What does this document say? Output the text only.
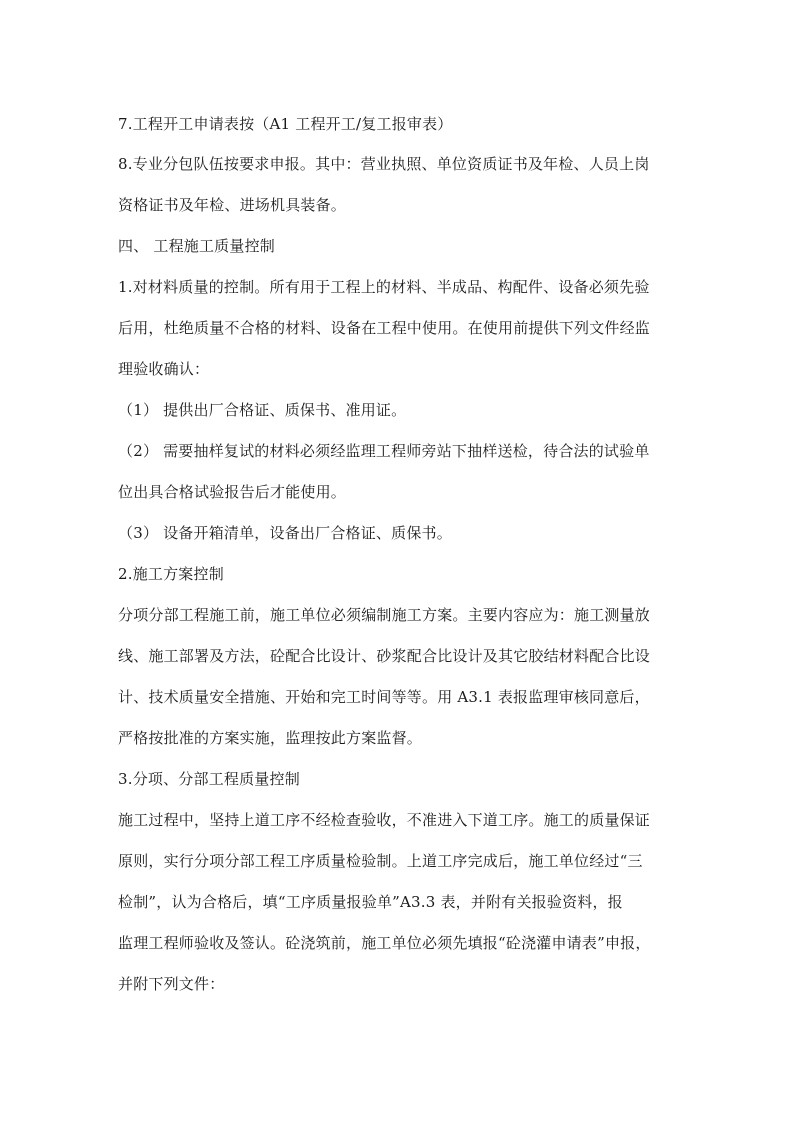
7.工程开工申请表按（A1 工程开工/复工报审表）
8.专业分包队伍按要求申报。其中：营业执照、单位资质证书及年检、人员上岗
资格证书及年检、进场机具装备。
四、 工程施工质量控制
1.对材料质量的控制。所有用于工程上的材料、半成品、构配件、设备必须先验
后用，杜绝质量不合格的材料、设备在工程中使用。在使用前提供下列文件经监
理验收确认：
（1） 提供出厂合格证、质保书、准用证。
（2） 需要抽样复试的材料必须经监理工程师旁站下抽样送检，待合法的试验单
位出具合格试验报告后才能使用。
（3） 设备开箱清单，设备出厂合格证、质保书。
2.施工方案控制
分项分部工程施工前，施工单位必须编制施工方案。主要内容应为：施工测量放
线、施工部署及方法，砼配合比设计、砂浆配合比设计及其它胶结材料配合比设
计、技术质量安全措施、开始和完工时间等等。用 A3.1 表报监理审核同意后，
严格按批准的方案实施，监理按此方案监督。
3.分项、分部工程质量控制
施工过程中，坚持上道工序不经检查验收，不准进入下道工序。施工的质量保证
原则，实行分项分部工程工序质量检验制。上道工序完成后，施工单位经过“三
检制”，认为合格后，填“工序质量报验单”A3.3 表，并附有关报验资料，报
监理工程师验收及签认。砼浇筑前，施工单位必须先填报“砼浇灌申请表”申报，
并附下列文件：
